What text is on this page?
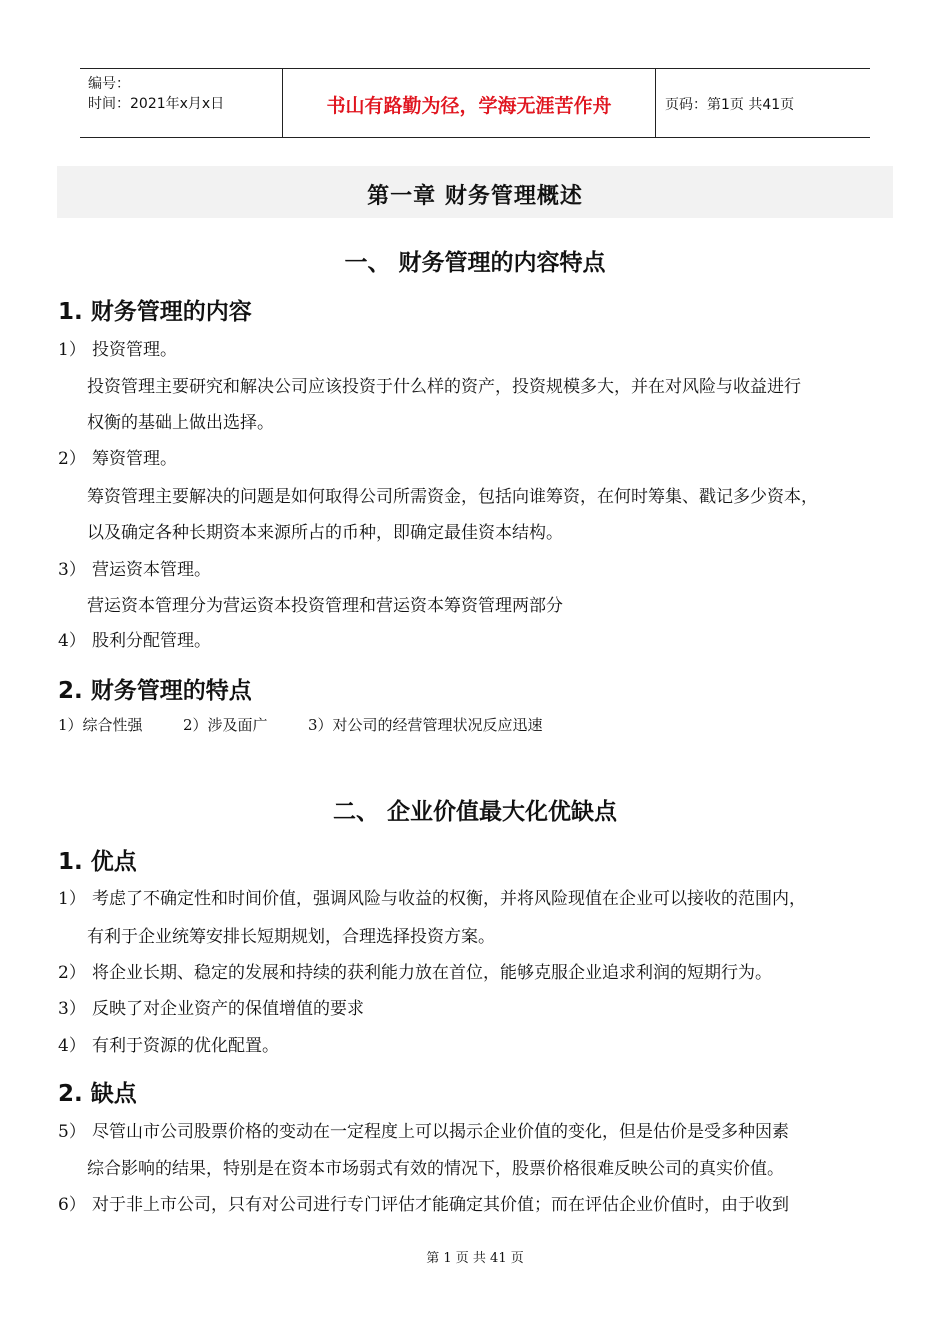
编号：
时间：2021年x月x日	书山有路勤为径，学海无涯苦作舟	页码：第1页 共41页
第一章 财务管理概述
一、 财务管理的内容特点
1. 财务管理的内容
1） 投资管理。
投资管理主要研究和解决公司应该投资于什么样的资产，投资规模多大，并在对风险与收益进行
权衡的基础上做出选择。
2） 筹资管理。
筹资管理主要解决的问题是如何取得公司所需资金，包括向谁筹资，在何时筹集、戳记多少资本，
以及确定各种长期资本来源所占的币种，即确定最佳资本结构。
3） 营运资本管理。
营运资本管理分为营运资本投资管理和营运资本筹资管理两部分
4） 股利分配管理。
2. 财务管理的特点
1）综合性强	2）涉及面广	3）对公司的经营管理状况反应迅速
二、 企业价值最大化优缺点
1. 优点
1） 考虑了不确定性和时间价值，强调风险与收益的权衡，并将风险现值在企业可以接收的范围内，
有利于企业统筹安排长短期规划，合理选择投资方案。
2） 将企业长期、稳定的发展和持续的获利能力放在首位，能够克服企业追求利润的短期行为。
3） 反映了对企业资产的保值增值的要求
4） 有利于资源的优化配置。
2. 缺点
5） 尽管山市公司股票价格的变动在一定程度上可以揭示企业价值的变化，但是估价是受多种因素
综合影响的结果，特别是在资本市场弱式有效的情况下，股票价格很难反映公司的真实价值。
6） 对于非上市公司，只有对公司进行专门评估才能确定其价值；而在评估企业价值时，由于收到
第 1 页 共 41 页
